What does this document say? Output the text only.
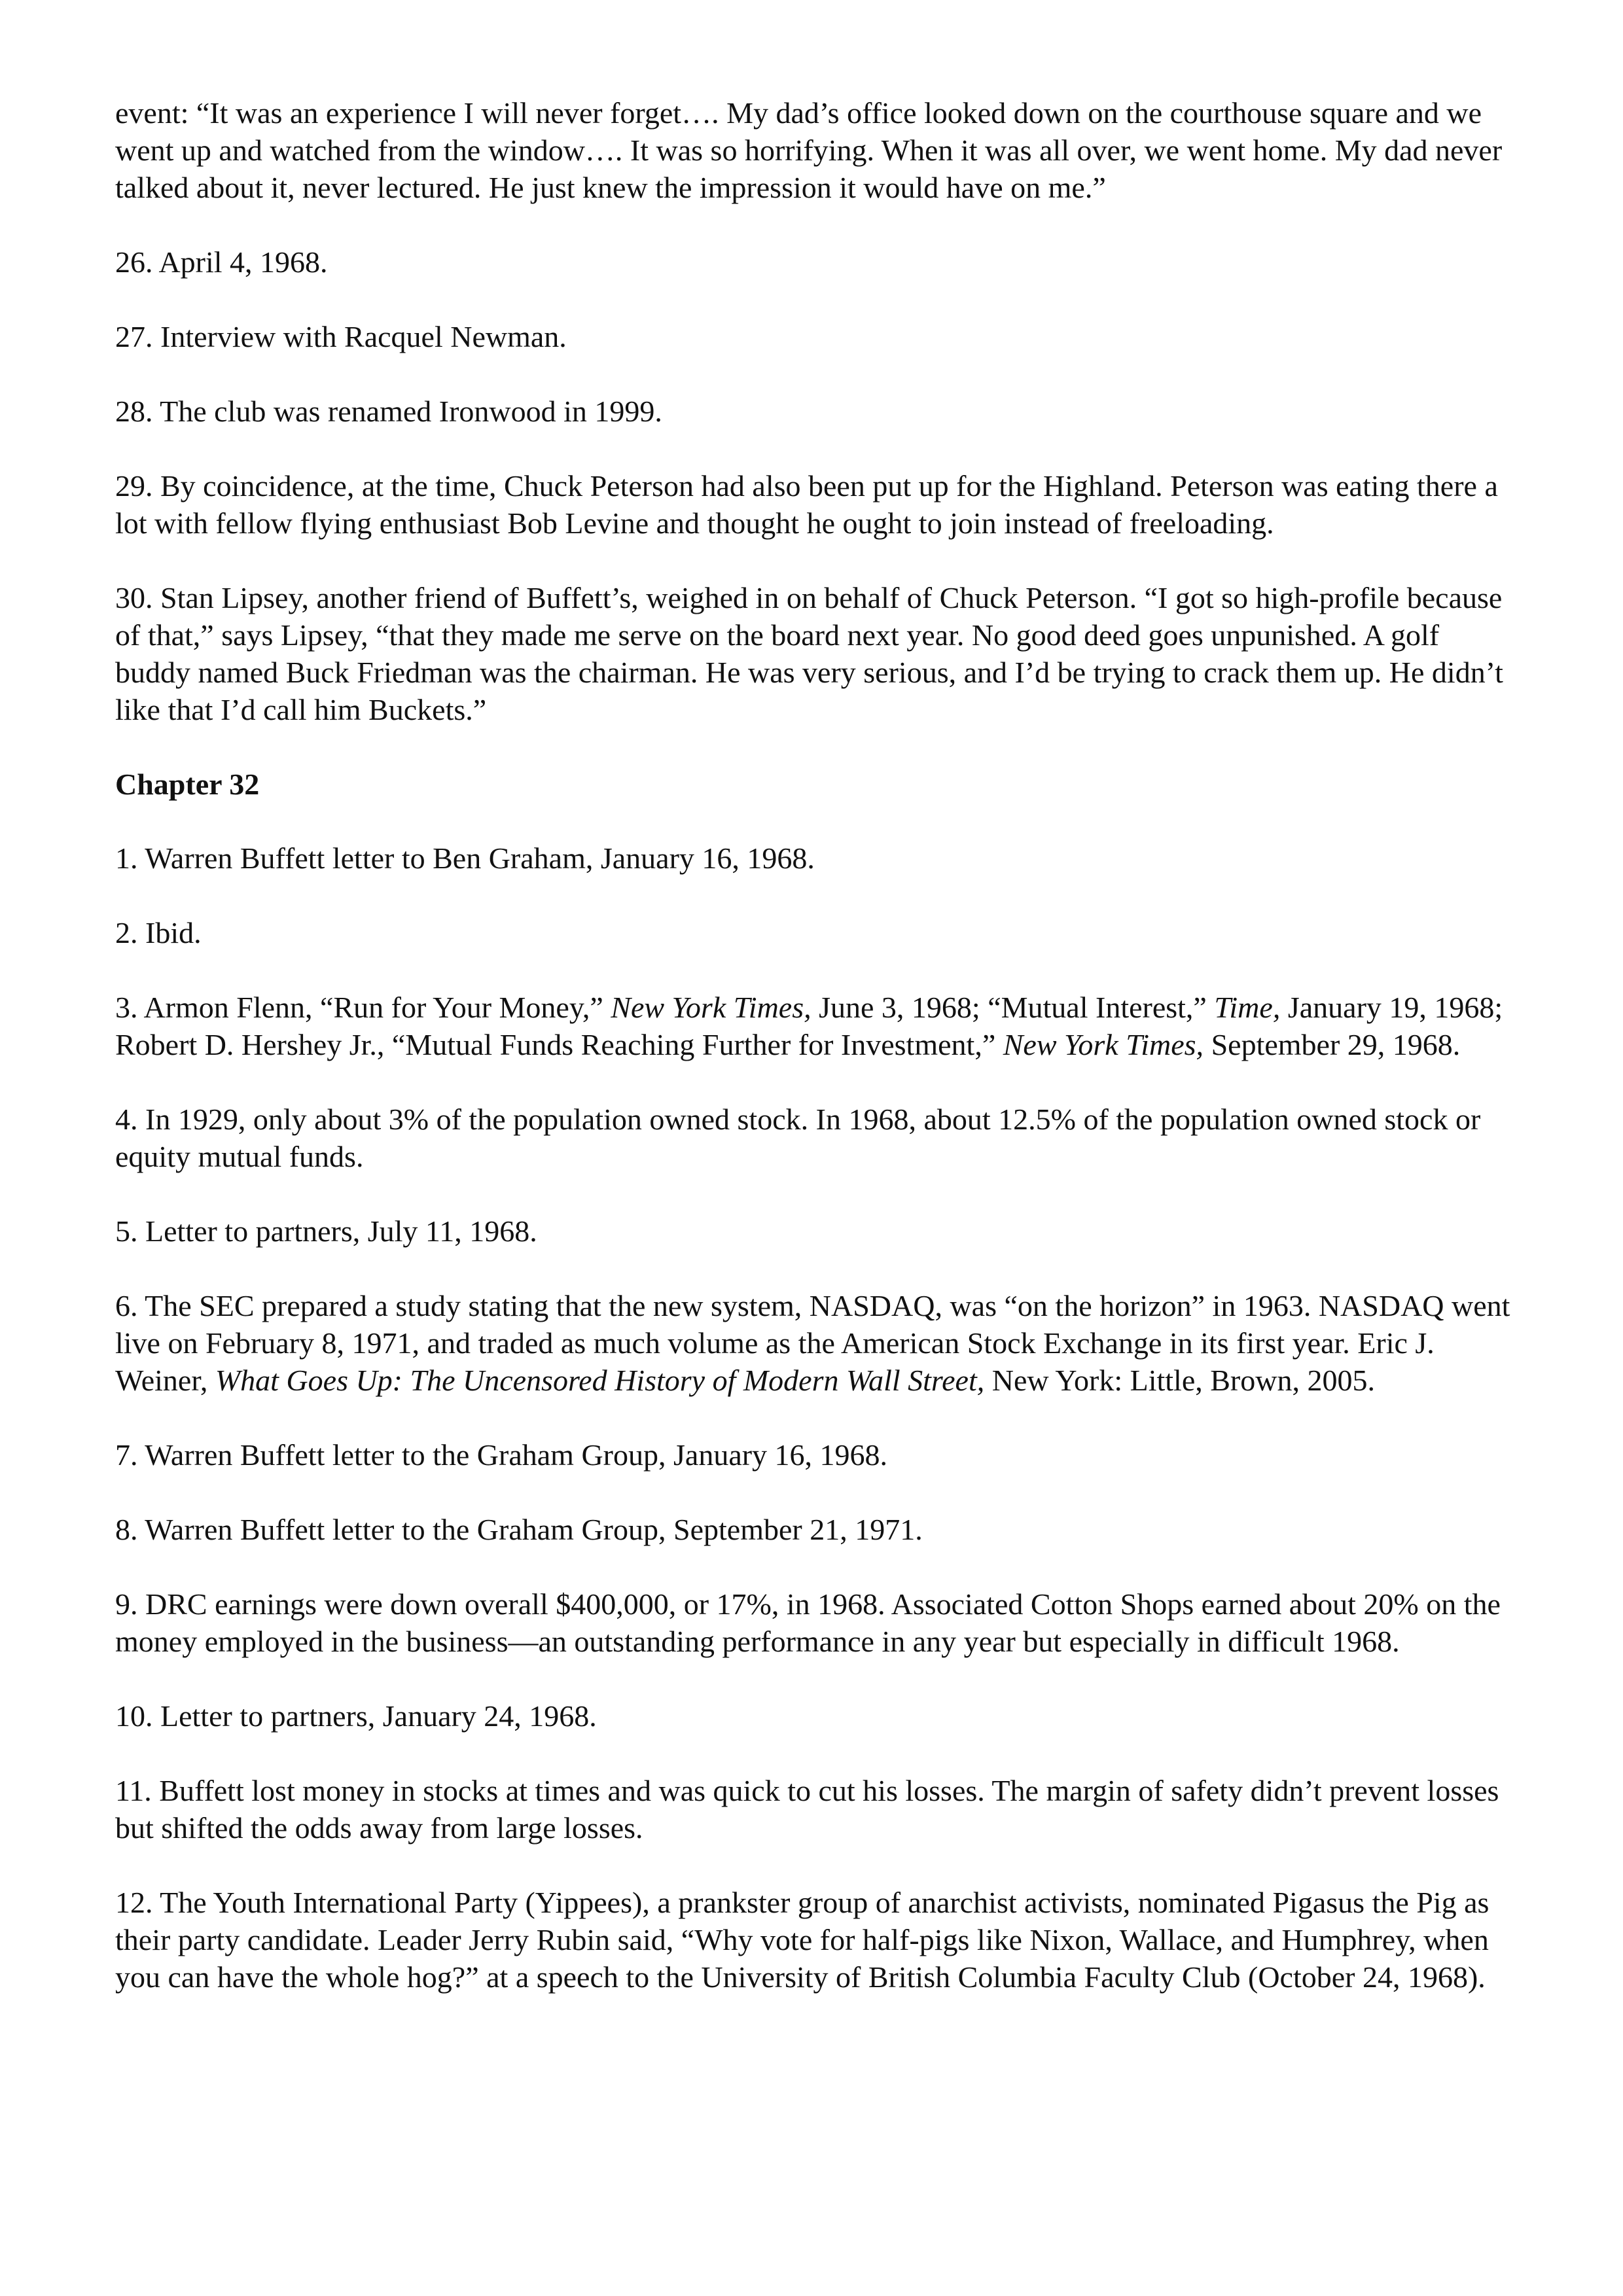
event: “It was an experience I will never forget…. My dad’s office looked down on the courthouse square and we went up and watched from the window…. It was so horrifying. When it was all over, we went home. My dad never talked about it, never lectured. He just knew the impression it would have on me.”

26. April 4, 1968.

27. Interview with Racquel Newman.

28. The club was renamed Ironwood in 1999.

29. By coincidence, at the time, Chuck Peterson had also been put up for the Highland. Peterson was eating there a lot with fellow flying enthusiast Bob Levine and thought he ought to join instead of freeloading.

30. Stan Lipsey, another friend of Buffett’s, weighed in on behalf of Chuck Peterson. “I got so high-profile because of that,” says Lipsey, “that they made me serve on the board next year. No good deed goes unpunished. A golf buddy named Buck Friedman was the chairman. He was very serious, and I’d be trying to crack them up. He didn’t like that I’d call him Buckets.”

Chapter 32

1. Warren Buffett letter to Ben Graham, January 16, 1968.

2. Ibid.

3. Armon Flenn, “Run for Your Money,” New York Times, June 3, 1968; “Mutual Interest,” Time, January 19, 1968; Robert D. Hershey Jr., “Mutual Funds Reaching Further for Investment,” New York Times, September 29, 1968.

4. In 1929, only about 3% of the population owned stock. In 1968, about 12.5% of the population owned stock or equity mutual funds.

5. Letter to partners, July 11, 1968.

6. The SEC prepared a study stating that the new system, NASDAQ, was “on the horizon” in 1963. NASDAQ went live on February 8, 1971, and traded as much volume as the American Stock Exchange in its first year. Eric J. Weiner, What Goes Up: The Uncensored History of Modern Wall Street, New York: Little, Brown, 2005.

7. Warren Buffett letter to the Graham Group, January 16, 1968.

8. Warren Buffett letter to the Graham Group, September 21, 1971.

9. DRC earnings were down overall $400,000, or 17%, in 1968. Associated Cotton Shops earned about 20% on the money employed in the business—an outstanding performance in any year but especially in difficult 1968.

10. Letter to partners, January 24, 1968.

11. Buffett lost money in stocks at times and was quick to cut his losses. The margin of safety didn’t prevent losses but shifted the odds away from large losses.

12. The Youth International Party (Yippees), a prankster group of anarchist activists, nominated Pigasus the Pig as their party candidate. Leader Jerry Rubin said, “Why vote for half-pigs like Nixon, Wallace, and Humphrey, when you can have the whole hog?” at a speech to the University of British Columbia Faculty Club (October 24, 1968).
